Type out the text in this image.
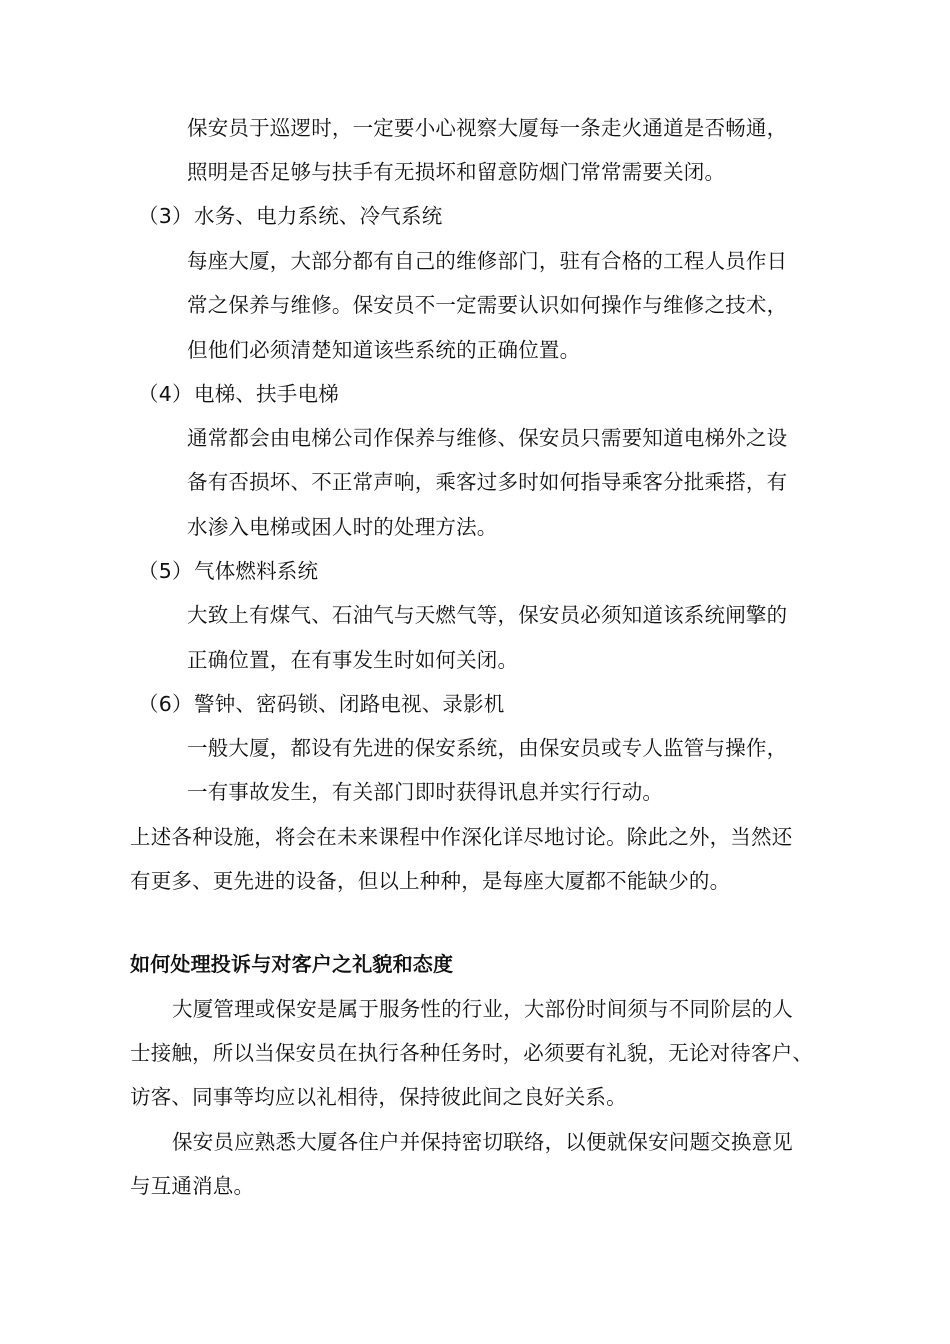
保安员于巡逻时，一定要小心视察大厦每一条走火通道是否畅通，
照明是否足够与扶手有无损坏和留意防烟门常常需要关闭。
（3）水务、电力系统、冷气系统
每座大厦，大部分都有自己的维修部门，驻有合格的工程人员作日
常之保养与维修。保安员不一定需要认识如何操作与维修之技术，
但他们必须清楚知道该些系统的正确位置。
（4）电梯、扶手电梯
通常都会由电梯公司作保养与维修、保安员只需要知道电梯外之设
备有否损坏、不正常声响，乘客过多时如何指导乘客分批乘搭，有
水渗入电梯或困人时的处理方法。
（5）气体燃料系统
大致上有煤气、石油气与天燃气等，保安员必须知道该系统闸擎的
正确位置，在有事发生时如何关闭。
（6）警钟、密码锁、闭路电视、录影机
一般大厦，都设有先进的保安系统，由保安员或专人监管与操作，
一有事故发生，有关部门即时获得讯息并实行行动。
上述各种设施，将会在未来课程中作深化详尽地讨论。除此之外，当然还
有更多、更先进的设备，但以上种种，是每座大厦都不能缺少的。
如何处理投诉与对客户之礼貌和态度
大厦管理或保安是属于服务性的行业，大部份时间须与不同阶层的人
士接触，所以当保安员在执行各种任务时，必须要有礼貌，无论对待客户、
访客、同事等均应以礼相待，保持彼此间之良好关系。
保安员应熟悉大厦各住户并保持密切联络，以便就保安问题交换意见
与互通消息。
